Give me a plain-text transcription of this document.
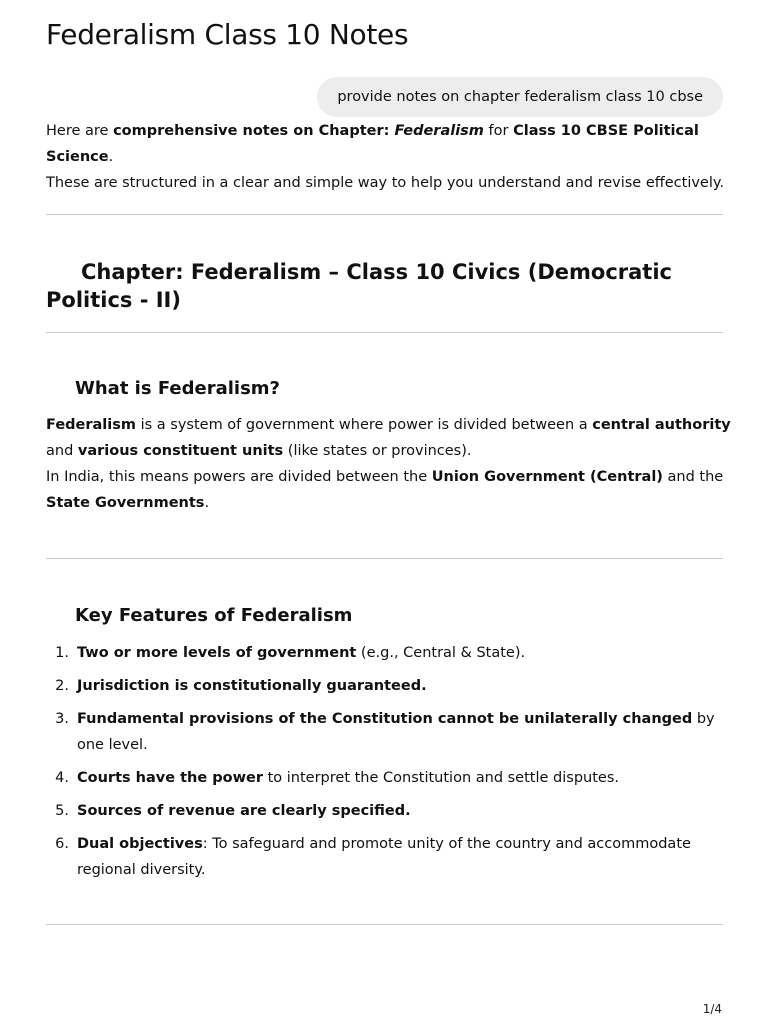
Federalism Class 10 Notes
provide notes on chapter federalism class 10 cbse

Here are comprehensive notes on Chapter: Federalism for Class 10 CBSE Political Science.

These are structured in a clear and simple way to help you understand and revise effectively.

Chapter: Federalism – Class 10 Civics (Democratic Politics - II)
What is Federalism?

Federalism is a system of government where power is divided between a central authority and various constituent units (like states or provinces).

In India, this means powers are divided between the Union Government (Central) and the State Governments.

Key Features of Federalism
1. Two or more levels of government (e.g., Central & State).
2. Jurisdiction is constitutionally guaranteed.
3. Fundamental provisions of the Constitution cannot be unilaterally changed by one level.
4. Courts have the power to interpret the Constitution and settle disputes.
5. Sources of revenue are clearly specified.
6. Dual objectives: To safeguard and promote unity of the country and accommodate regional diversity.
1/4
